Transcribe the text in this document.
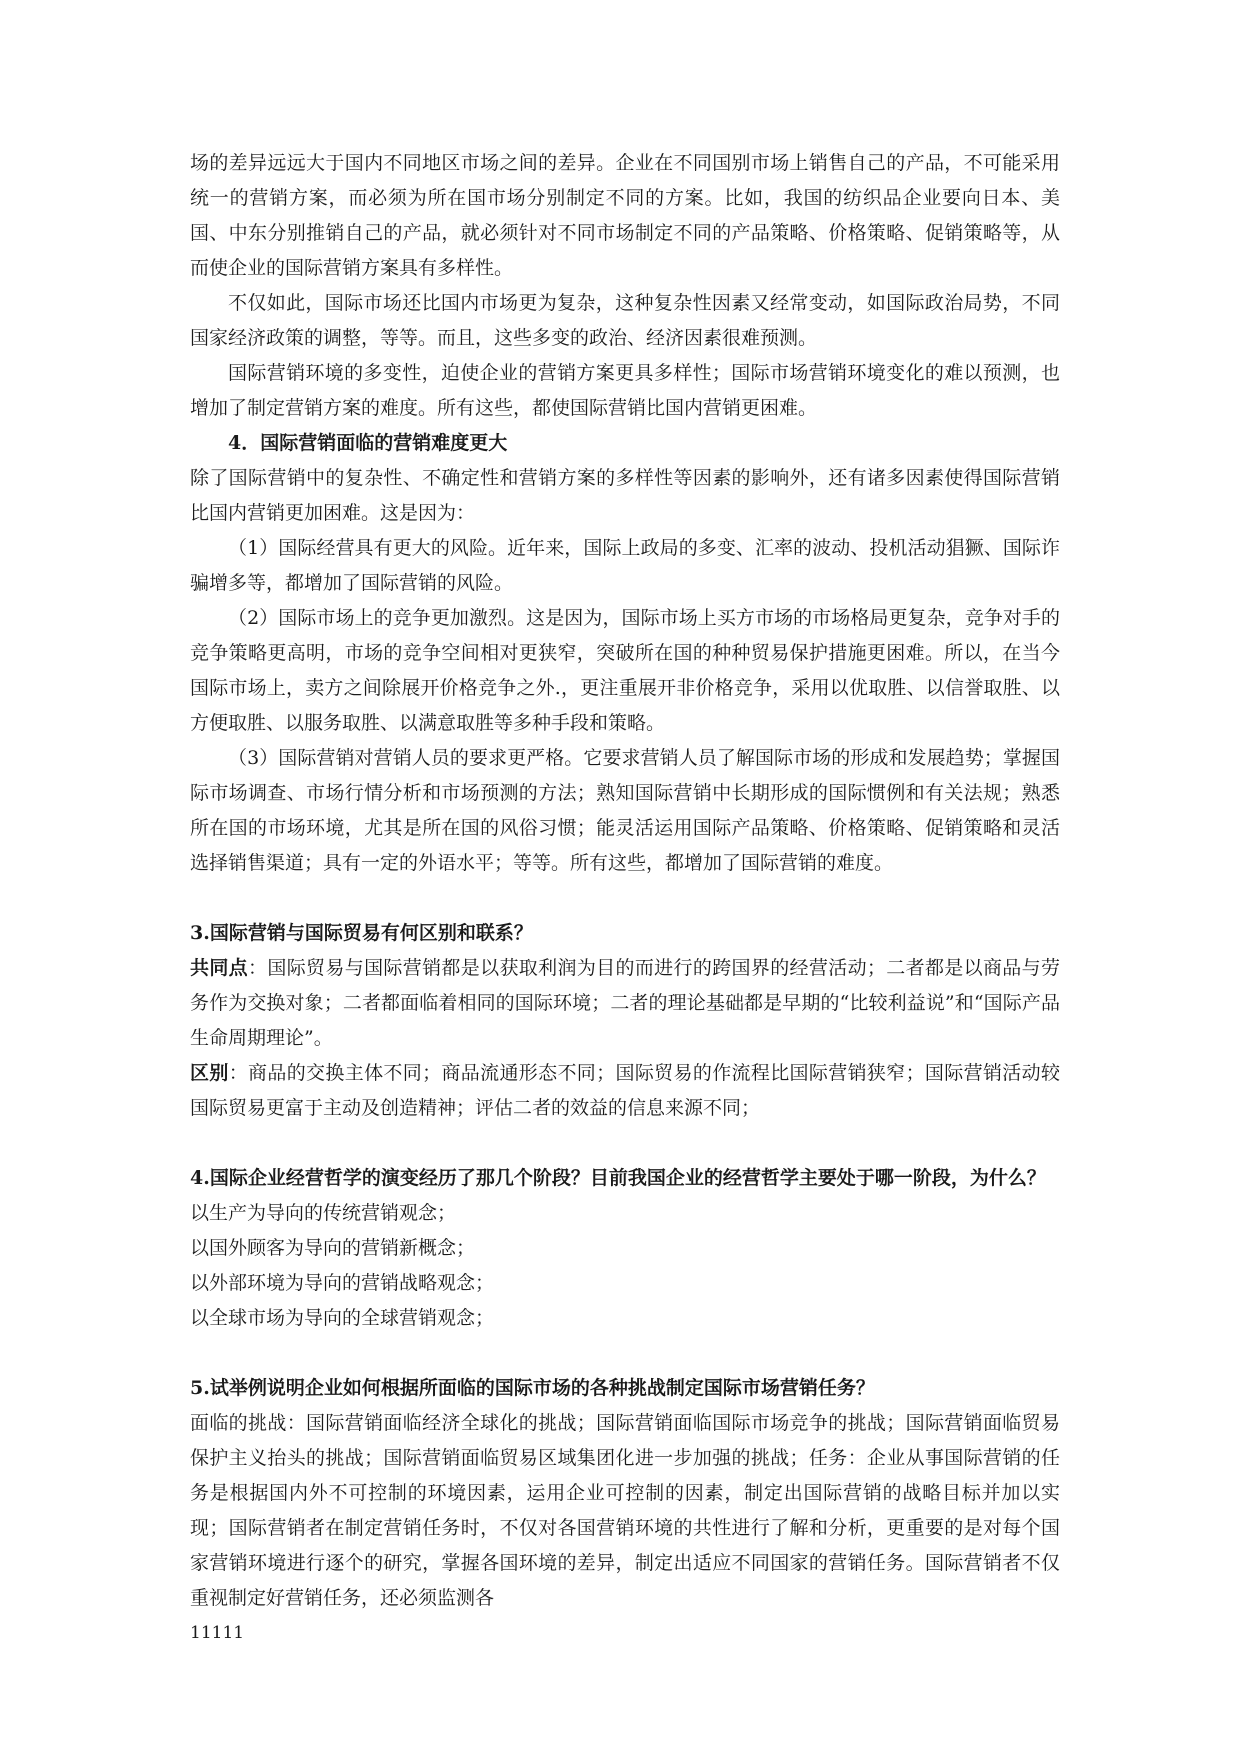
场的差异远远大于国内不同地区市场之间的差异。企业在不同国别市场上销售自己的产品，不可能采用统一的营销方案，而必须为所在国市场分别制定不同的方案。比如，我国的纺织品企业要向日本、美国、中东分别推销自己的产品，就必须针对不同市场制定不同的产品策略、价格策略、促销策略等，从而使企业的国际营销方案具有多样性。

不仅如此，国际市场还比国内市场更为复杂，这种复杂性因素又经常变动，如国际政治局势，不同国家经济政策的调整，等等。而且，这些多变的政治、经济因素很难预测。

国际营销环境的多变性，迫使企业的营销方案更具多样性；国际市场营销环境变化的难以预测，也增加了制定营销方案的难度。所有这些，都使国际营销比国内营销更困难。

4．国际营销面临的营销难度更大

除了国际营销中的复杂性、不确定性和营销方案的多样性等因素的影响外，还有诸多因素使得国际营销比国内营销更加困难。这是因为：

（1）国际经营具有更大的风险。近年来，国际上政局的多变、汇率的波动、投机活动猖獗、国际诈骗增多等，都增加了国际营销的风险。

（2）国际市场上的竞争更加激烈。这是因为，国际市场上买方市场的市场格局更复杂，竞争对手的竞争策略更高明，市场的竞争空间相对更狭窄，突破所在国的种种贸易保护措施更困难。所以，在当今国际市场上，卖方之间除展开价格竞争之外.，更注重展开非价格竞争，采用以优取胜、以信誉取胜、以方便取胜、以服务取胜、以满意取胜等多种手段和策略。

（3）国际营销对营销人员的要求更严格。它要求营销人员了解国际市场的形成和发展趋势；掌握国际市场调查、市场行情分析和市场预测的方法；熟知国际营销中长期形成的国际惯例和有关法规；熟悉所在国的市场环境，尤其是所在国的风俗习惯；能灵活运用国际产品策略、价格策略、促销策略和灵活选择销售渠道；具有一定的外语水平；等等。所有这些，都增加了国际营销的难度。

3.国际营销与国际贸易有何区别和联系？

共同点：国际贸易与国际营销都是以获取利润为目的而进行的跨国界的经营活动；二者都是以商品与劳务作为交换对象；二者都面临着相同的国际环境；二者的理论基础都是早期的“比较利益说”和“国际产品生命周期理论”。

区别：商品的交换主体不同；商品流通形态不同；国际贸易的作流程比国际营销狭窄；国际营销活动较国际贸易更富于主动及创造精神；评估二者的效益的信息来源不同；

4.国际企业经营哲学的演变经历了那几个阶段？目前我国企业的经营哲学主要处于哪一阶段，为什么？

以生产为导向的传统营销观念；

以国外顾客为导向的营销新概念；

以外部环境为导向的营销战略观念；

以全球市场为导向的全球营销观念；

5.试举例说明企业如何根据所面临的国际市场的各种挑战制定国际市场营销任务？

面临的挑战：国际营销面临经济全球化的挑战；国际营销面临国际市场竞争的挑战；国际营销面临贸易保护主义抬头的挑战；国际营销面临贸易区域集团化进一步加强的挑战；任务：企业从事国际营销的任务是根据国内外不可控制的环境因素，运用企业可控制的因素，制定出国际营销的战略目标并加以实现；国际营销者在制定营销任务时，不仅对各国营销环境的共性进行了解和分析，更重要的是对每个国家营销环境进行逐个的研究，掌握各国环境的差异，制定出适应不同国家的营销任务。国际营销者不仅重视制定好营销任务，还必须监测各

11111
